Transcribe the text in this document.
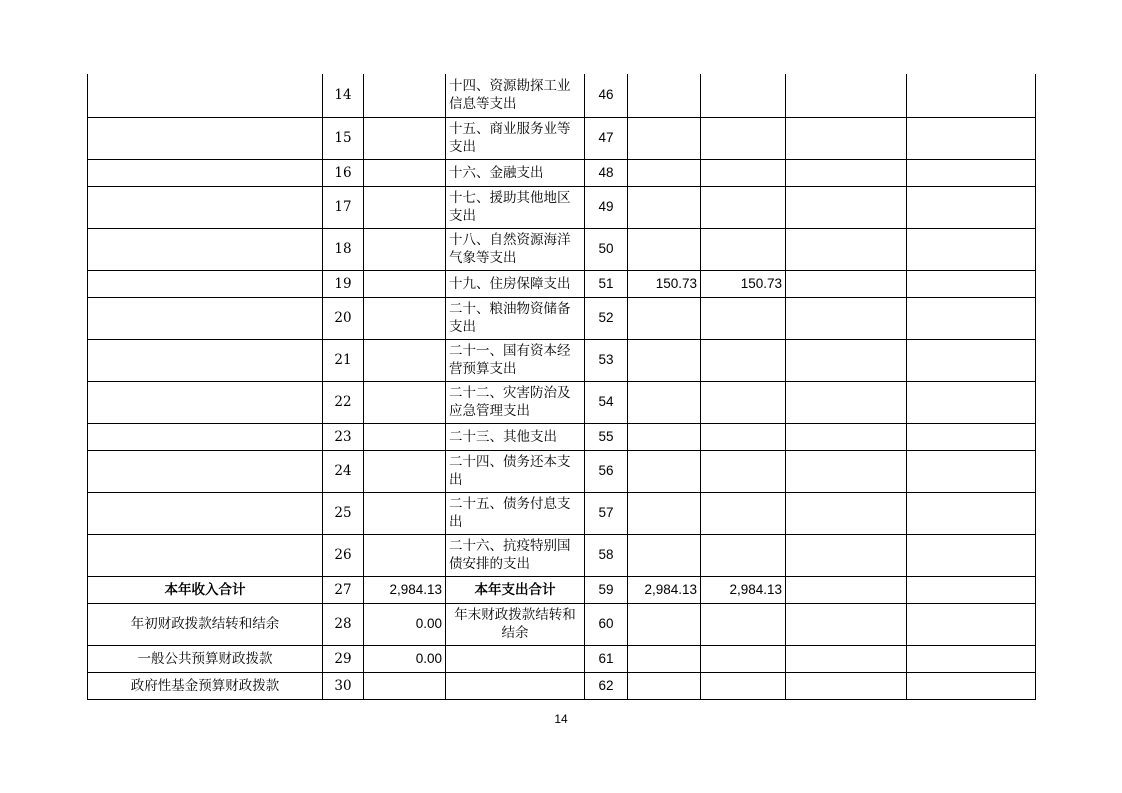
	14		十四、资源勘探工业信息等支出	46				
	15		十五、商业服务业等支出	47				
	16		十六、金融支出	48				
	17		十七、援助其他地区支出	49				
	18		十八、自然资源海洋气象等支出	50				
	19		十九、住房保障支出	51	150.73	150.73		
	20		二十、粮油物资储备支出	52				
	21		二十一、国有资本经营预算支出	53				
	22		二十二、灾害防治及应急管理支出	54				
	23		二十三、其他支出	55				
	24		二十四、债务还本支出	56				
	25		二十五、债务付息支出	57				
	26		二十六、抗疫特别国债安排的支出	58				
本年收入合计	27	2,984.13	本年支出合计	59	2,984.13	2,984.13		
年初财政拨款结转和结余	28	0.00	年末财政拨款结转和结余	60				
一般公共预算财政拨款	29	0.00		61				
政府性基金预算财政拨款	30			62				
14
